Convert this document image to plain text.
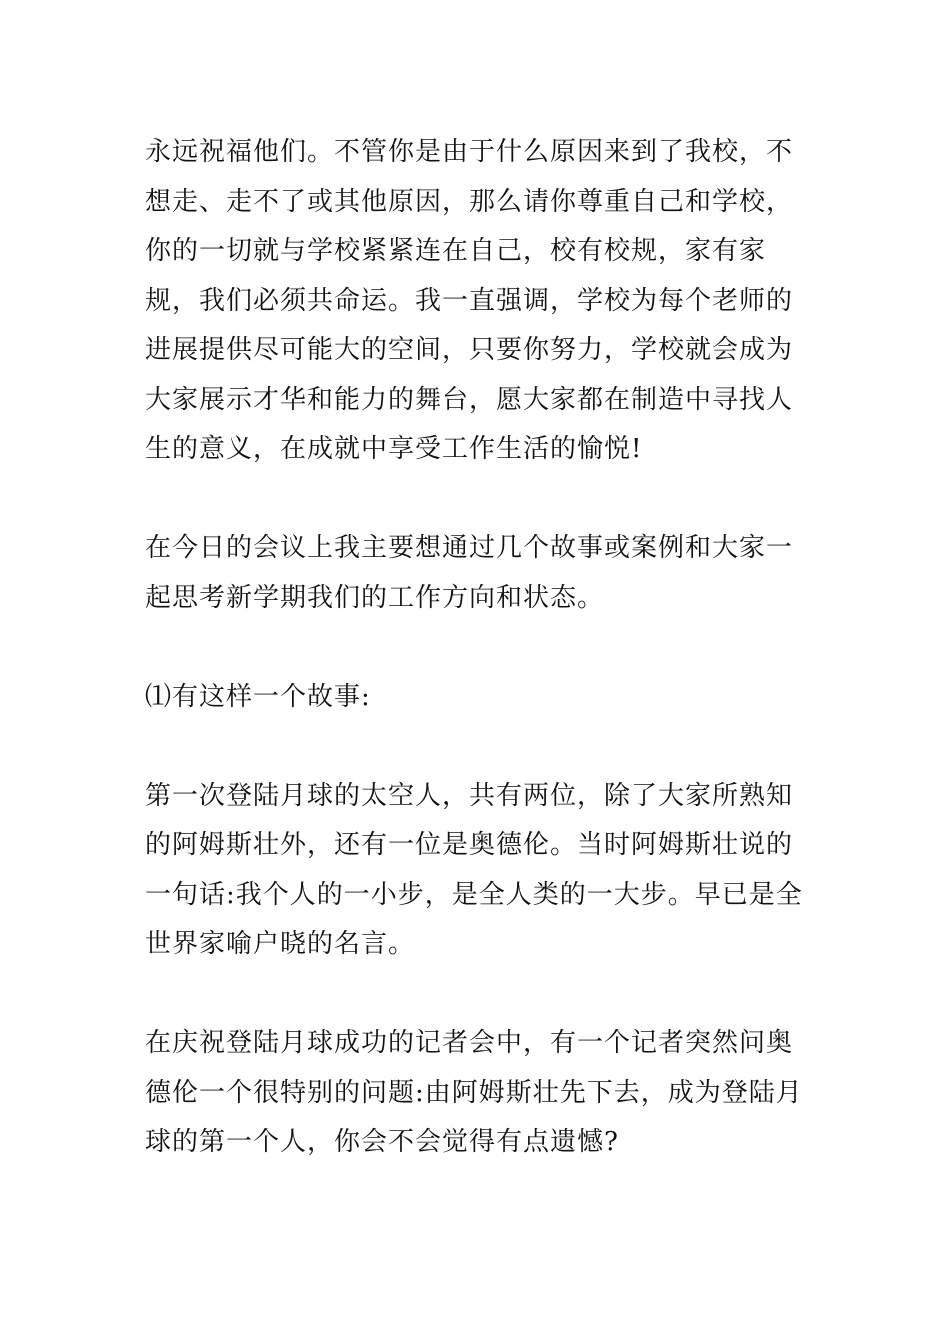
永远祝福他们。不管你是由于什么原因来到了我校，不想走、走不了或其他原因，那么请你尊重自己和学校，你的一切就与学校紧紧连在自己，校有校规，家有家规，我们必须共命运。我一直强调，学校为每个老师的进展提供尽可能大的空间，只要你努力，学校就会成为大家展示才华和能力的舞台，愿大家都在制造中寻找人生的意义，在成就中享受工作生活的愉悦!

在今日的会议上我主要想通过几个故事或案例和大家一起思考新学期我们的工作方向和状态。

⑴有这样一个故事:

第一次登陆月球的太空人，共有两位，除了大家所熟知的阿姆斯壮外，还有一位是奥德伦。当时阿姆斯壮说的一句话:我个人的一小步，是全人类的一大步。早已是全世界家喻户晓的名言。

在庆祝登陆月球成功的记者会中，有一个记者突然问奥德伦一个很特别的问题:由阿姆斯壮先下去，成为登陆月球的第一个人，你会不会觉得有点遗憾?
